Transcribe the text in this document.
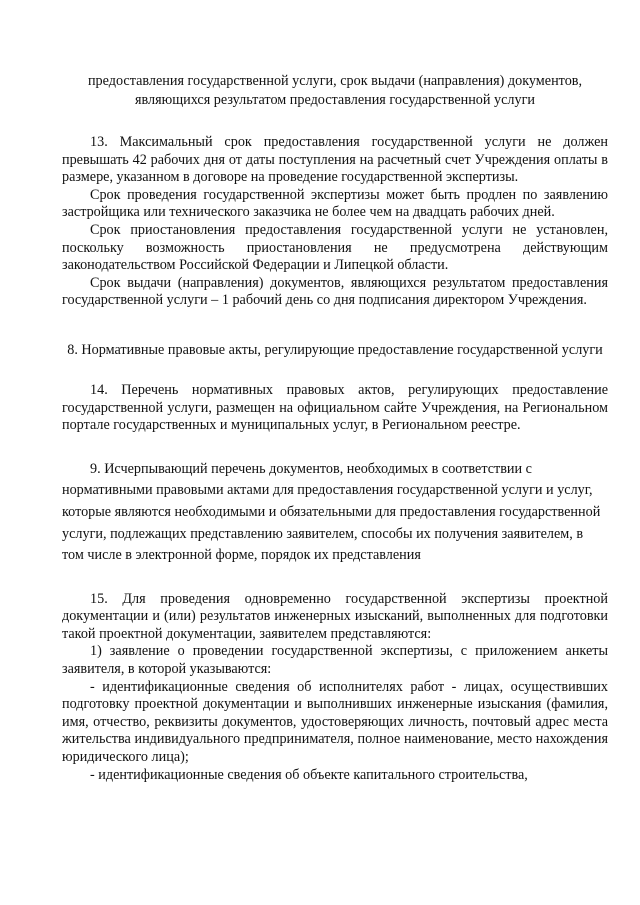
предоставления государственной услуги, срок выдачи (направления) документов, являющихся результатом предоставления государственной услуги

13. Максимальный срок предоставления государственной услуги не должен превышать 42 рабочих дня от даты поступления на расчетный счет Учреждения оплаты в размере, указанном в договоре на проведение государственной экспертизы.

Срок проведения государственной экспертизы может быть продлен по заявлению застройщика или технического заказчика не более чем на двадцать рабочих дней.

Срок приостановления предоставления государственной услуги не установлен, поскольку возможность приостановления не предусмотрена действующим законодательством Российской Федерации и Липецкой области.

Срок выдачи (направления) документов, являющихся результатом предоставления государственной услуги – 1 рабочий день со дня подписания директором Учреждения.

8. Нормативные правовые акты, регулирующие предоставление государственной услуги

14. Перечень нормативных правовых актов, регулирующих предоставление государственной услуги, размещен на официальном сайте Учреждения, на Региональном портале государственных и муниципальных услуг, в Региональном реестре.

9. Исчерпывающий перечень документов, необходимых в соответствии с нормативными правовыми актами для предоставления государственной услуги и услуг, которые являются необходимыми и обязательными для предоставления государственной услуги, подлежащих представлению заявителем, способы их получения заявителем, в том числе в электронной форме, порядок их представления

15. Для проведения одновременно государственной экспертизы проектной документации и (или) результатов инженерных изысканий, выполненных для подготовки такой проектной документации, заявителем представляются:

1) заявление о проведении государственной экспертизы, с приложением анкеты заявителя, в которой указываются:

- идентификационные сведения об исполнителях работ - лицах, осуществивших подготовку проектной документации и выполнивших инженерные изыскания (фамилия, имя, отчество, реквизиты документов, удостоверяющих личность, почтовый адрес места жительства индивидуального предпринимателя, полное наименование, место нахождения юридического лица);

- идентификационные сведения об объекте капитального строительства,
